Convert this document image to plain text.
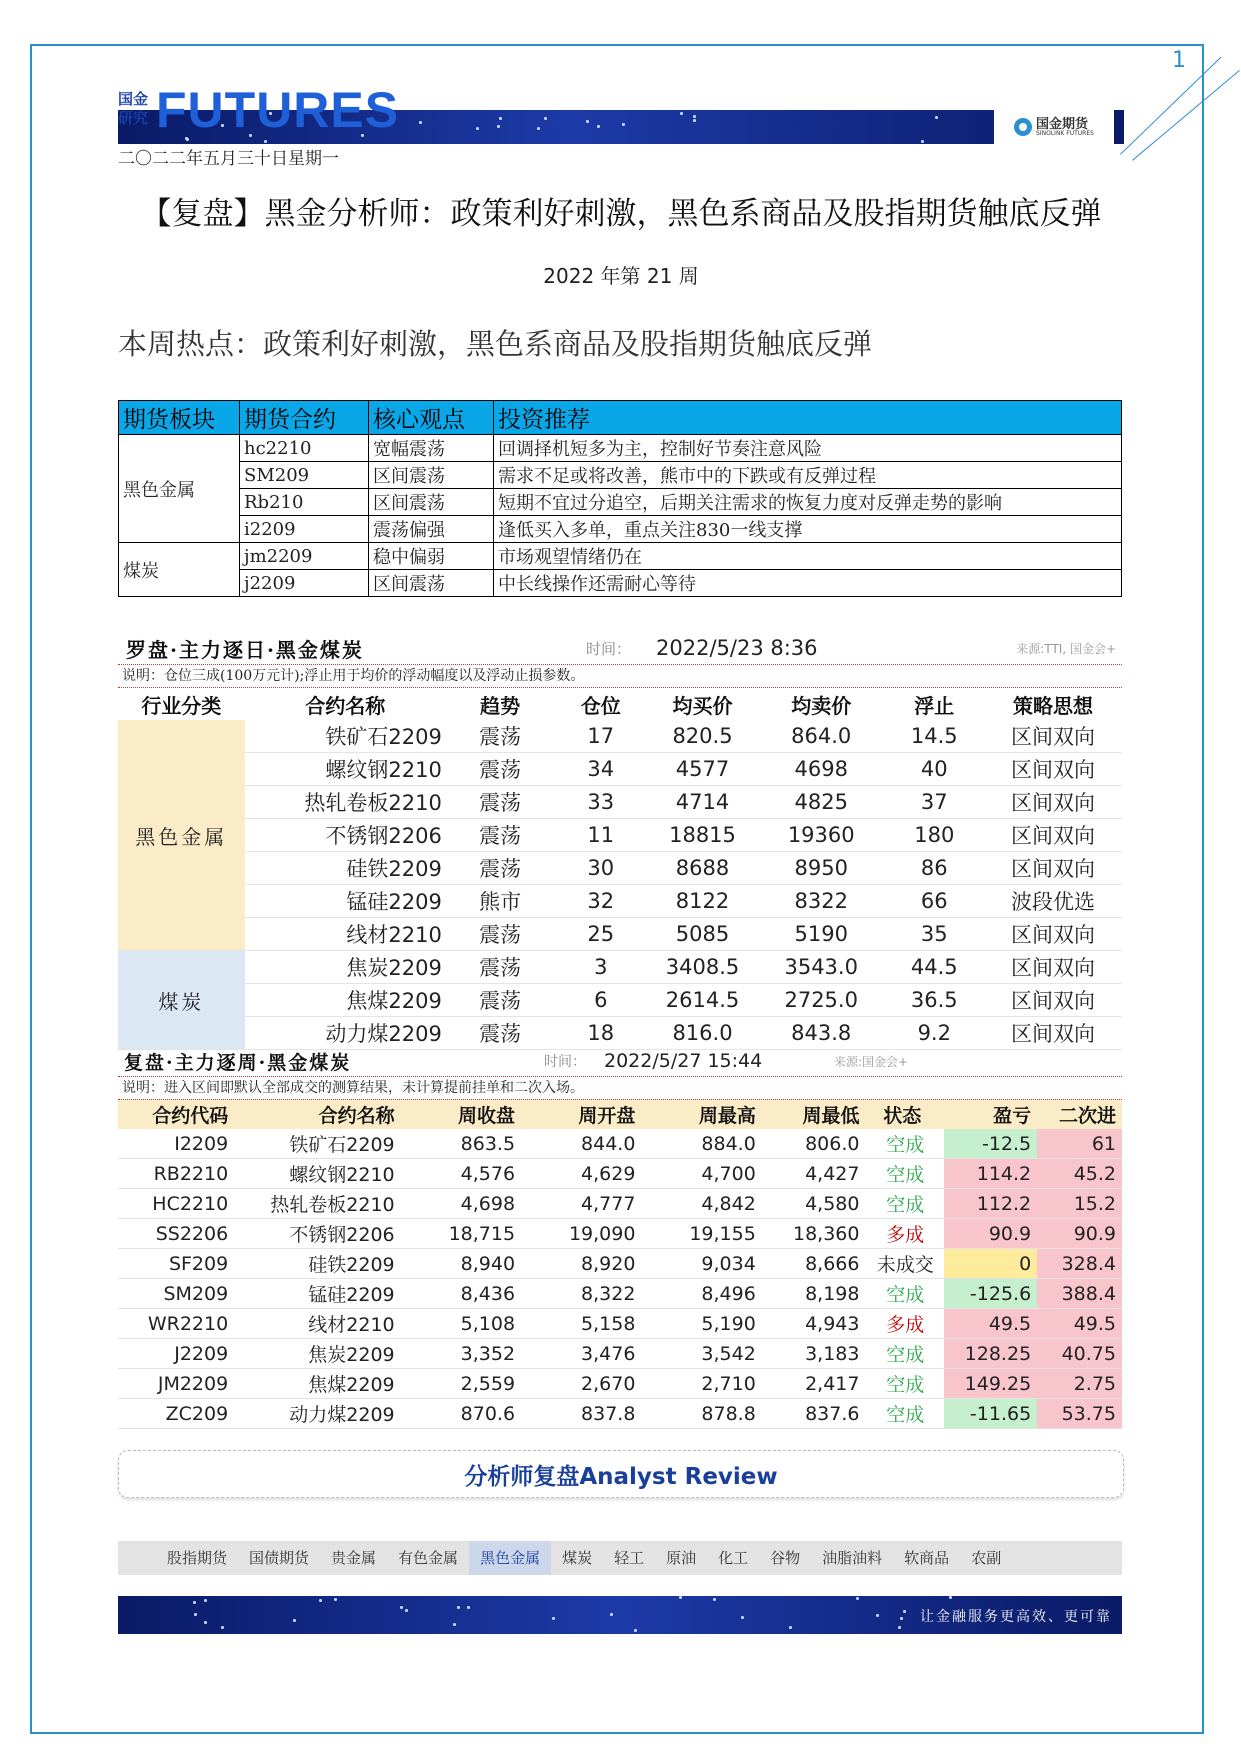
1
国金期货
SINOLINK FUTURES
国金
研究 FUTURES
二〇二二年五月三十日星期一
【复盘】黑金分析师：政策利好刺激，黑色系商品及股指期货触底反弹
2022 年第 21 周
本周热点：政策利好刺激，黑色系商品及股指期货触底反弹
期货板块	期货合约	核心观点	投资推荐
黑色金属	hc2210	宽幅震荡	回调择机短多为主，控制好节奏注意风险
	SM209	区间震荡	需求不足或将改善，熊市中的下跌或有反弹过程
	Rb210	区间震荡	短期不宜过分追空，后期关注需求的恢复力度对反弹走势的影响
	i2209	震荡偏强	逢低买入多单，重点关注830一线支撑
煤炭	jm2209	稳中偏弱	市场观望情绪仍在
	j2209	区间震荡	中长线操作还需耐心等待
罗盘·主力逐日·黑金煤炭	时间：	2022/5/23 8:36	来源:TTI, 国金会+
说明：仓位三成(100万元计);浮止用于均价的浮动幅度以及浮动止损参数。
行业分类	合约名称	趋势	仓位	均买价	均卖价	浮止	策略思想
黑色金属	铁矿石2209	震荡	17	820.5	864.0	14.5	区间双向
	螺纹钢2210	震荡	34	4577	4698	40	区间双向
	热轧卷板2210	震荡	33	4714	4825	37	区间双向
	不锈钢2206	震荡	11	18815	19360	180	区间双向
	硅铁2209	震荡	30	8688	8950	86	区间双向
	锰硅2209	熊市	32	8122	8322	66	波段优选
	线材2210	震荡	25	5085	5190	35	区间双向
煤炭	焦炭2209	震荡	3	3408.5	3543.0	44.5	区间双向
	焦煤2209	震荡	6	2614.5	2725.0	36.5	区间双向
	动力煤2209	震荡	18	816.0	843.8	9.2	区间双向
复盘·主力逐周·黑金煤炭	时间： 2022/5/27 15:44	来源:国金会+
说明：进入区间即默认全部成交的测算结果，未计算提前挂单和二次入场。
合约代码	合约名称	周收盘	周开盘	周最高	周最低	状态	盈亏	二次进
I2209	铁矿石2209	863.5	844.0	884.0	806.0	空成	-12.5	61
RB2210	螺纹钢2210	4,576	4,629	4,700	4,427	空成	114.2	45.2
HC2210	热轧卷板2210	4,698	4,777	4,842	4,580	空成	112.2	15.2
SS2206	不锈钢2206	18,715	19,090	19,155	18,360	多成	90.9	90.9
SF209	硅铁2209	8,940	8,920	9,034	8,666	未成交	0	328.4
SM209	锰硅2209	8,436	8,322	8,496	8,198	空成	-125.6	388.4
WR2210	线材2210	5,108	5,158	5,190	4,943	多成	49.5	49.5
J2209	焦炭2209	3,352	3,476	3,542	3,183	空成	128.25	40.75
JM2209	焦煤2209	2,559	2,670	2,710	2,417	空成	149.25	2.75
ZC209	动力煤2209	870.6	837.8	878.8	837.6	空成	-11.65	53.75
分析师复盘Analyst Review
股指期货	国债期货	贵金属	有色金属	黑色金属	煤炭	轻工	原油	化工	谷物	油脂油料	软商品	农副
让金融服务更高效、更可靠
